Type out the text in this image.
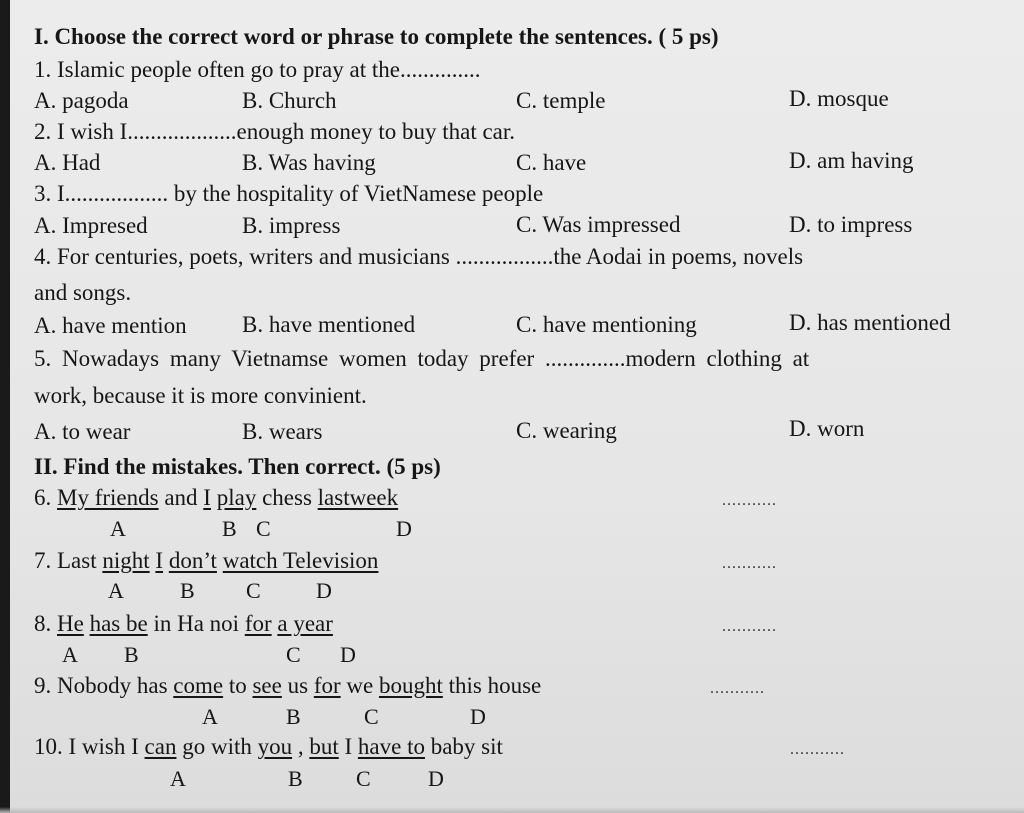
I. Choose the correct word or phrase to complete the sentences. ( 5 ps)
1. Islamic people often go to pray at the..............
A. pagoda	B. Church	C. temple	D. mosque
2. I wish I...................enough money to buy that car.
A. Had	B. Was having	C. have	D. am having
3. I.................. by the hospitality of VietNamese people
A. Impresed	B. impress	C. Was impressed	D. to impress
4. For centuries, poets, writers and musicians .................the Aodai in poems, novels
and songs.
A. have mention B. have mentioned	C. have mentioning	D. has mentioned
5. Nowadays many Vietnamse women today prefer ..............modern clothing at
work, because it is more convinient.
A. to wear	B. wears	C. wearing	D. worn
II. Find the mistakes. Then correct. (5 ps)
6. My friends and I play chess lastweek	...........
A	B C	D
7. Last night I don’t watch Television	...........
A	B C	D
8. He has be in Ha noi for a year	...........
A B	C D
9. Nobody has come to see us for we bought this house	...........
A	B	C	D
10. I wish I can go with you , but I have to baby sit	...........
A	B C	D
